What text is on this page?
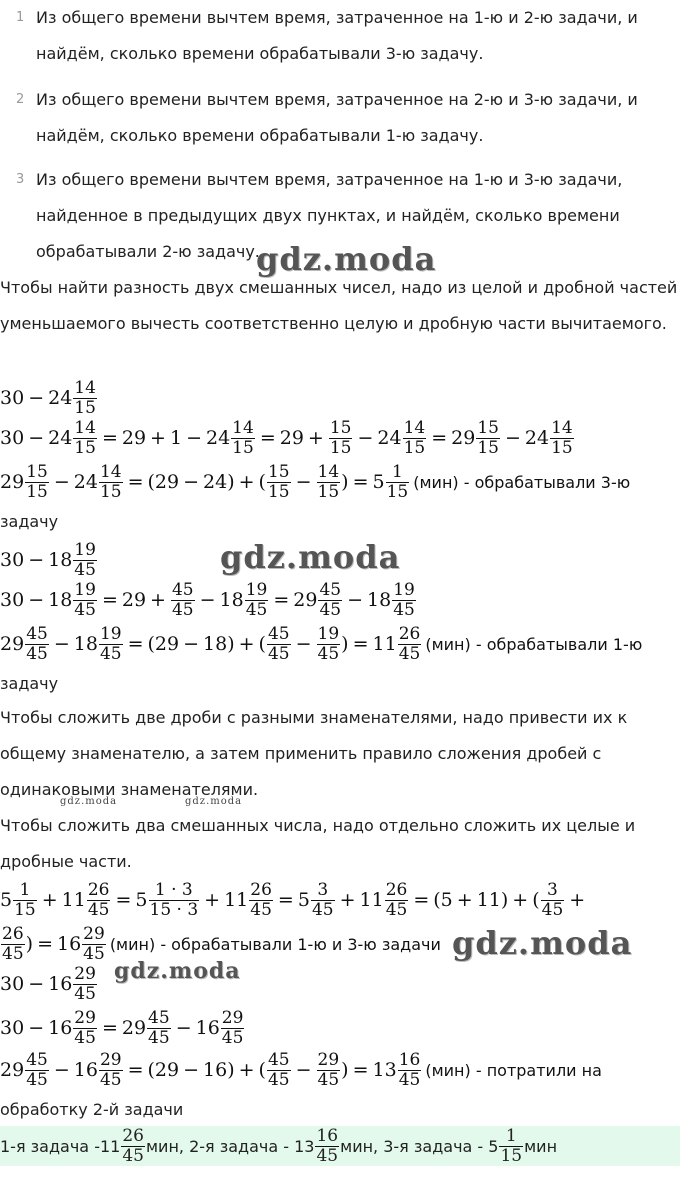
1 Из общего времени вычтем время, затраченное на 1-ю и 2-ю задачи, и найдём, сколько времени обрабатывали 3-ю задачу.
2 Из общего времени вычтем время, затраченное на 2-ю и 3-ю задачи, и найдём, сколько времени обрабатывали 1-ю задачу.
3 Из общего времени вычтем время, затраченное на 1-ю и 3-ю задачи, найденное в предыдущих двух пунктах, и найдём, сколько времени обрабатывали 2-ю задачу.
gdz.moda
Чтобы найти разность двух смешанных чисел, надо из целой и дробной частей уменьшаемого вычесть соответственно целую и дробную части вычитаемого.
$30 - 24 \frac{14}{15}$
$30 - 24 \frac{14}{15} = 29 + 1 - 24 \frac{14}{15} = 29 + \frac{15}{15} - 24 \frac{14}{15} = 29 \frac{15}{15} - 24 \frac{14}{15}$
29 15
$15 - 24 \frac{14}{15} = (29 - 24)$ + ( $\frac{15}{15} - \frac{14}{15}$ ) = $5 \frac{1}{15} (мин)$ - обрабатывали 3-ю
задачу
$30 - 18 \frac{19}{45}$	gdz.moda
$30 - 18 \frac{19}{45} = 29 + \frac{45}{45} - 18 \frac{19}{45} = 29 \frac{45}{45} - 18 \frac{19}{45}$
29 45
$45 - 18 \frac{19}{45} = (29 - 18)$ + ( $\frac{45}{45} - \frac{19}{45}$ ) = $11 \frac{26}{45} (мин)$ - обрабатывали 1-ю
задачу
Чтобы сложить две дроби с разными знаменателями, надо привести их к общему знаменателю, а затем применить правило сложения дробей с одинаковыми знаменателями.
gdz.moda	gdz.moda
Чтобы сложить два смешанных числа, надо отдельно сложить их целые и дробные части.
5 1
$15 + 11 \frac{26}{45} = 5 \frac{1 \cdot 3}{15 \cdot 3} + 11 \frac{26}{45} = 5 \frac{3}{45} + 11 \frac{26}{45} = (5 + 11)$ + ( $\frac{3}{45}$ +
$\frac{26}{45}$ ) = $16 \frac{29}{45} (мин)$ - обрабатывали 1-ю и 3-ю задачи gdz.moda
gdz.moda
$30 - 16 \frac{29}{45}$
$30 - 16 \frac{29}{45} = 29 \frac{45}{45} - 16 \frac{29}{45}$
29 45
$45 - 16 \frac{29}{45} = (29 - 16)$ + ( $\frac{45}{45} - \frac{29}{45}$ ) = $13 \frac{16}{45} (мин)$ - потратили на
обработку 2-й задачи
1-я задача -11
26
45 мин, 2-я задача - 13
16
45 мин, 3-я задача - 5
1
15 мин
